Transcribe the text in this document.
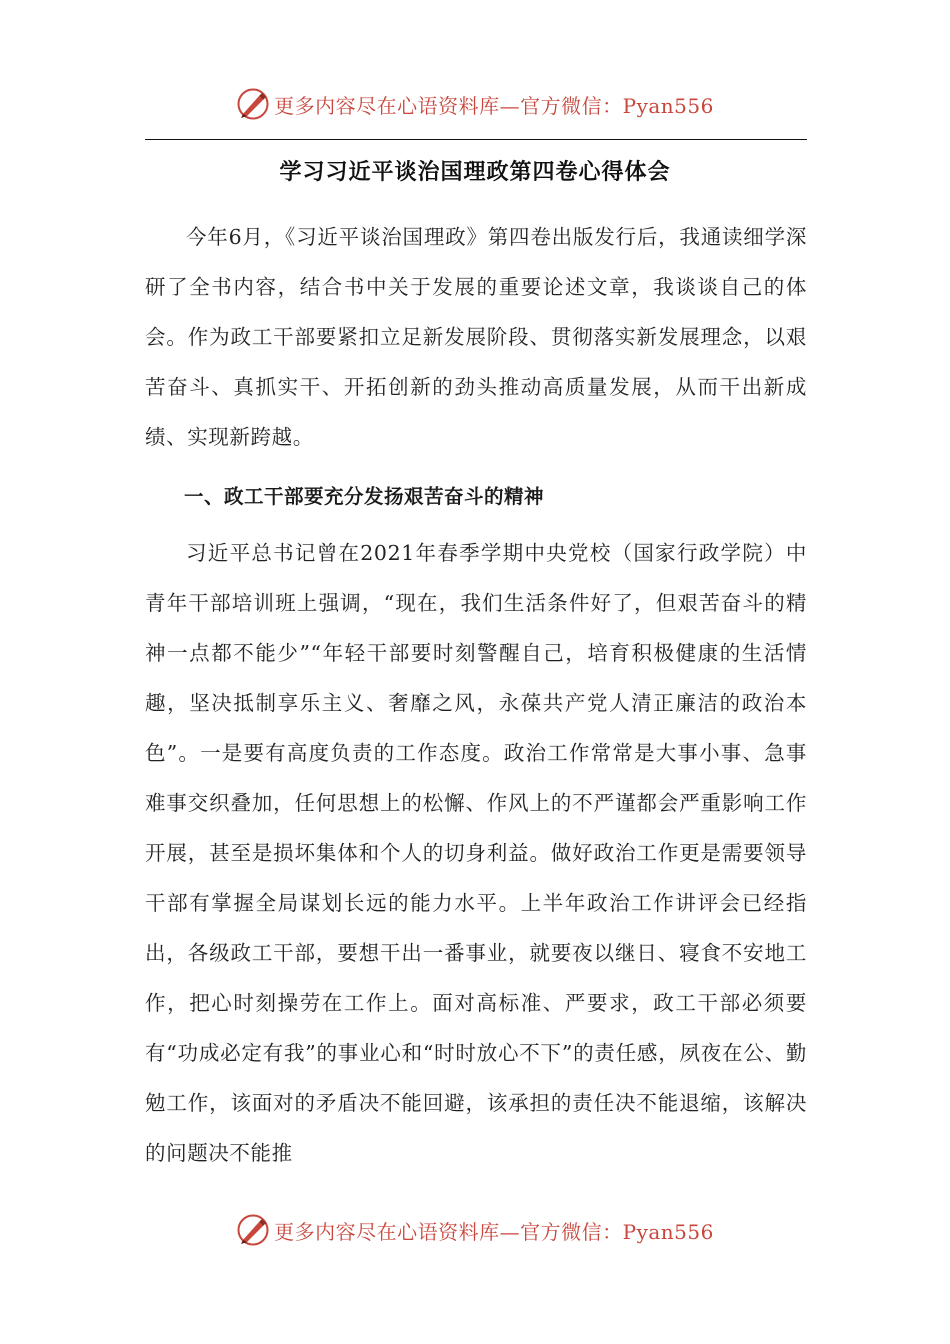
更多内容尽在心语资料库—官方微信：Pyan556
学习习近平谈治国理政第四卷心得体会

今年6月，《习近平谈治国理政》第四卷出版发行后，我通读细学深研了全书内容，结合书中关于发展的重要论述文章，我谈谈自己的体会。作为政工干部要紧扣立足新发展阶段、贯彻落实新发展理念，以艰苦奋斗、真抓实干、开拓创新的劲头推动高质量发展，从而干出新成绩、实现新跨越。

一、政工干部要充分发扬艰苦奋斗的精神

习近平总书记曾在2021年春季学期中央党校（国家行政学院）中青年干部培训班上强调，“现在，我们生活条件好了，但艰苦奋斗的精神一点都不能少”“年轻干部要时刻警醒自己，培育积极健康的生活情趣，坚决抵制享乐主义、奢靡之风，永葆共产党人清正廉洁的政治本色”。一是要有高度负责的工作态度。政治工作常常是大事小事、急事难事交织叠加，任何思想上的松懈、作风上的不严谨都会严重影响工作开展，甚至是损坏集体和个人的切身利益。做好政治工作更是需要领导干部有掌握全局谋划长远的能力水平。上半年政治工作讲评会已经指出，各级政工干部，要想干出一番事业，就要夜以继日、寝食不安地工作，把心时刻操劳在工作上。面对高标准、严要求，政工干部必须要有“功成必定有我”的事业心和“时时放心不下”的责任感，夙夜在公、勤勉工作，该面对的矛盾决不能回避，该承担的责任决不能退缩，该解决的问题决不能推

更多内容尽在心语资料库—官方微信：Pyan556
